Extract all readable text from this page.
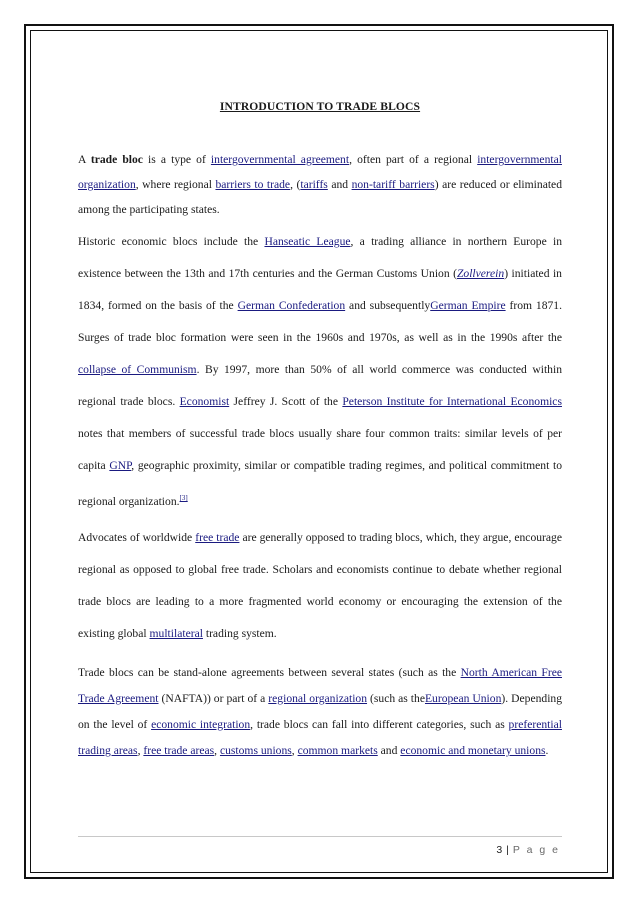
INTRODUCTION TO TRADE BLOCS

A trade bloc is a type of intergovernmental agreement, often part of a regional intergovernmental organization, where regional barriers to trade, (tariffs and non-tariff barriers) are reduced or eliminated among the participating states.

Historic economic blocs include the Hanseatic League, a trading alliance in northern Europe in existence between the 13th and 17th centuries and the German Customs Union (Zollverein) initiated in 1834, formed on the basis of the German Confederation and subsequentlyGerman Empire from 1871. Surges of trade bloc formation were seen in the 1960s and 1970s, as well as in the 1990s after the collapse of Communism. By 1997, more than 50% of all world commerce was conducted within regional trade blocs. Economist Jeffrey J. Scott of the Peterson Institute for International Economics notes that members of successful trade blocs usually share four common traits: similar levels of per capita GNP, geographic proximity, similar or compatible trading regimes, and political commitment to regional organization.[3]

Advocates of worldwide free trade are generally opposed to trading blocs, which, they argue, encourage regional as opposed to global free trade. Scholars and economists continue to debate whether regional trade blocs are leading to a more fragmented world economy or encouraging the extension of the existing global multilateral trading system.

Trade blocs can be stand-alone agreements between several states (such as the North American Free Trade Agreement (NAFTA)) or part of a regional organization (such as theEuropean Union). Depending on the level of economic integration, trade blocs can fall into different categories, such as preferential trading areas, free trade areas, customs unions, common markets and economic and monetary unions.

3 | P a g e
